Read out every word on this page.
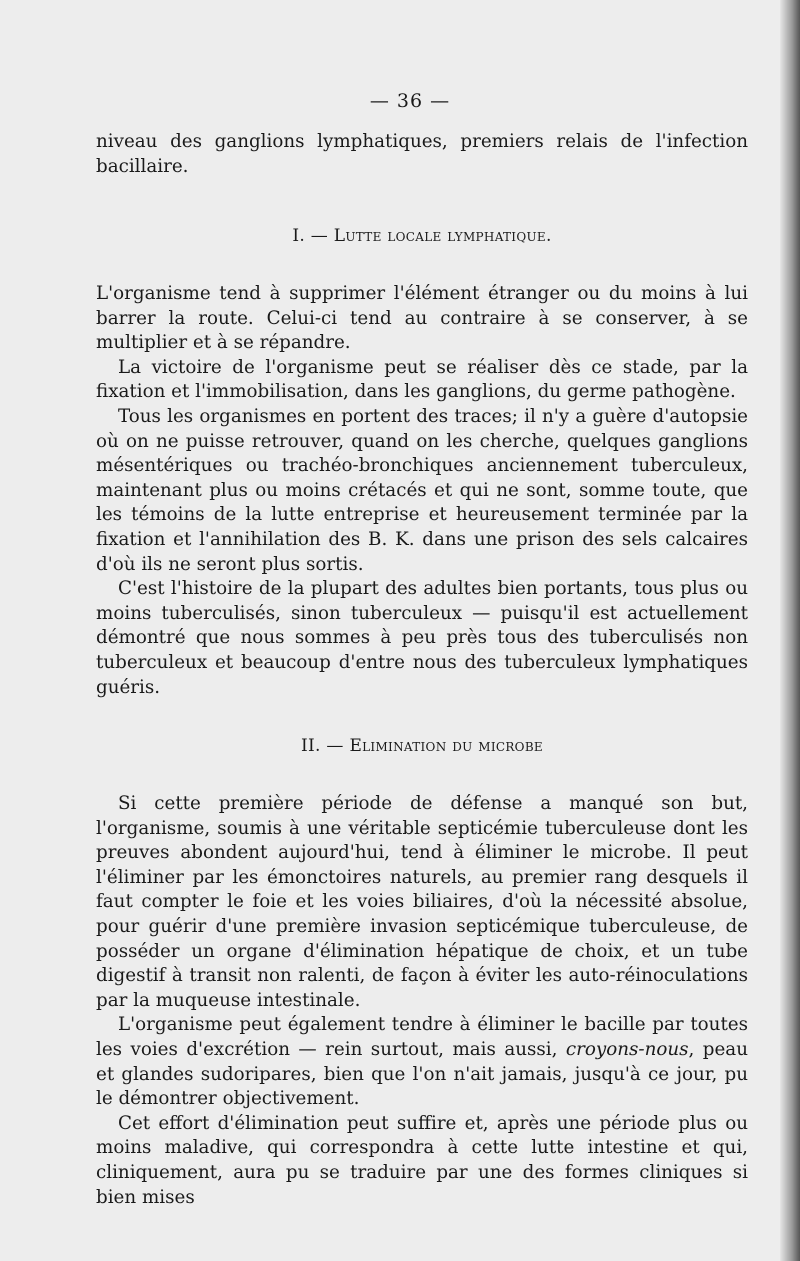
— 36 —

niveau des ganglions lymphatiques, premiers relais de l'infection bacillaire.

I. — Lutte locale lymphatique.

L'organisme tend à supprimer l'élément étranger ou du moins à lui barrer la route. Celui-ci tend au contraire à se conserver, à se multiplier et à se répandre.

La victoire de l'organisme peut se réaliser dès ce stade, par la fixation et l'immobilisation, dans les ganglions, du germe pathogène.

Tous les organismes en portent des traces; il n'y a guère d'autopsie où on ne puisse retrouver, quand on les cherche, quelques ganglions mésentériques ou trachéo-bronchiques anciennement tuberculeux, maintenant plus ou moins crétacés et qui ne sont, somme toute, que les témoins de la lutte entreprise et heureusement terminée par la fixation et l'annihilation des B. K. dans une prison des sels calcaires d'où ils ne seront plus sortis.

C'est l'histoire de la plupart des adultes bien portants, tous plus ou moins tuberculisés, sinon tuberculeux — puisqu'il est actuellement démontré que nous sommes à peu près tous des tuberculisés non tuberculeux et beaucoup d'entre nous des tuberculeux lymphatiques guéris.

II. — Elimination du microbe

Si cette première période de défense a manqué son but, l'organisme, soumis à une véritable septicémie tuberculeuse dont les preuves abondent aujourd'hui, tend à éliminer le microbe. Il peut l'éliminer par les émonctoires naturels, au premier rang desquels il faut compter le foie et les voies biliaires, d'où la nécessité absolue, pour guérir d'une première invasion septicémique tuberculeuse, de posséder un organe d'élimination hépatique de choix, et un tube digestif à transit non ralenti, de façon à éviter les auto-réinoculations par la muqueuse intestinale.

L'organisme peut également tendre à éliminer le bacille par toutes les voies d'excrétion — rein surtout, mais aussi, croyons-nous, peau et glandes sudoripares, bien que l'on n'ait jamais, jusqu'à ce jour, pu le démontrer objectivement.

Cet effort d'élimination peut suffire et, après une période plus ou moins maladive, qui correspondra à cette lutte intestine et qui, cliniquement, aura pu se traduire par une des formes cliniques si bien mises
